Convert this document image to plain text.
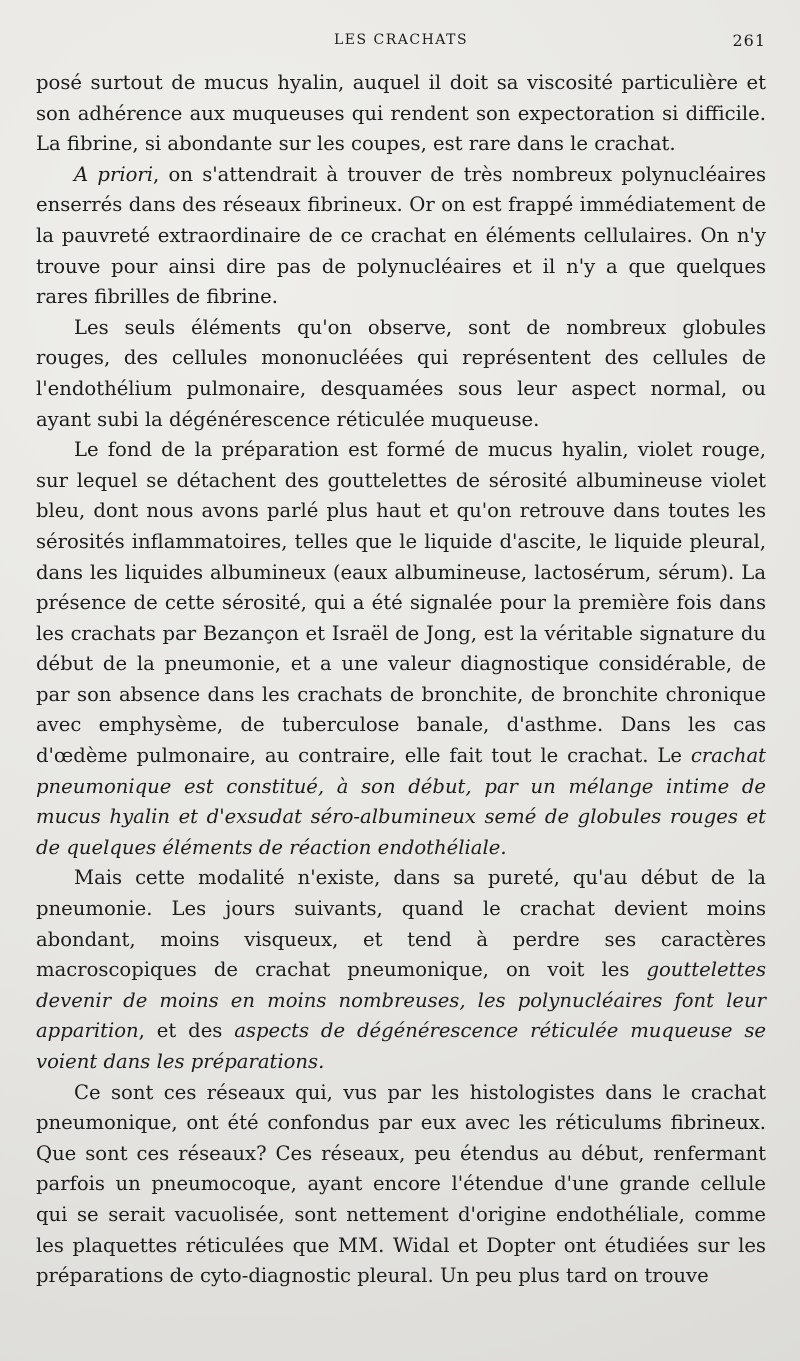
LES CRACHATS	261

posé surtout de mucus hyalin, auquel il doit sa viscosité particulière et son adhérence aux muqueuses qui rendent son expectoration si difficile. La fibrine, si abondante sur les coupes, est rare dans le crachat.

A priori, on s'attendrait à trouver de très nombreux polynucléaires enserrés dans des réseaux fibrineux. Or on est frappé immédiatement de la pauvreté extraordinaire de ce crachat en éléments cellulaires. On n'y trouve pour ainsi dire pas de polynucléaires et il n'y a que quelques rares fibrilles de fibrine.

Les seuls éléments qu'on observe, sont de nombreux globules rouges, des cellules mononucléées qui représentent des cellules de l'endothélium pulmonaire, desquamées sous leur aspect normal, ou ayant subi la dégénérescence réticulée muqueuse.

Le fond de la préparation est formé de mucus hyalin, violet rouge, sur lequel se détachent des gouttelettes de sérosité albumineuse violet bleu, dont nous avons parlé plus haut et qu'on retrouve dans toutes les sérosités inflammatoires, telles que le liquide d'ascite, le liquide pleural, dans les liquides albumineux (eaux albumineuse, lactosérum, sérum). La présence de cette sérosité, qui a été signalée pour la première fois dans les crachats par Bezançon et Israël de Jong, est la véritable signature du début de la pneumonie, et a une valeur diagnostique considérable, de par son absence dans les crachats de bronchite, de bronchite chronique avec emphysème, de tuberculose banale, d'asthme. Dans les cas d'œdème pulmonaire, au contraire, elle fait tout le crachat. Le crachat pneumonique est constitué, à son début, par un mélange intime de mucus hyalin et d'exsudat séro-albumineux semé de globules rouges et de quelques éléments de réaction endothéliale.

Mais cette modalité n'existe, dans sa pureté, qu'au début de la pneumonie. Les jours suivants, quand le crachat devient moins abondant, moins visqueux, et tend à perdre ses caractères macroscopiques de crachat pneumonique, on voit les gouttelettes devenir de moins en moins nombreuses, les polynucléaires font leur apparition, et des aspects de dégénérescence réticulée muqueuse se voient dans les préparations.

Ce sont ces réseaux qui, vus par les histologistes dans le crachat pneumonique, ont été confondus par eux avec les réticulums fibrineux. Que sont ces réseaux? Ces réseaux, peu étendus au début, renfermant parfois un pneumocoque, ayant encore l'étendue d'une grande cellule qui se serait vacuolisée, sont nettement d'origine endothéliale, comme les plaquettes réticulées que MM. Widal et Dopter ont étudiées sur les préparations de cyto-diagnostic pleural. Un peu plus tard on trouve
